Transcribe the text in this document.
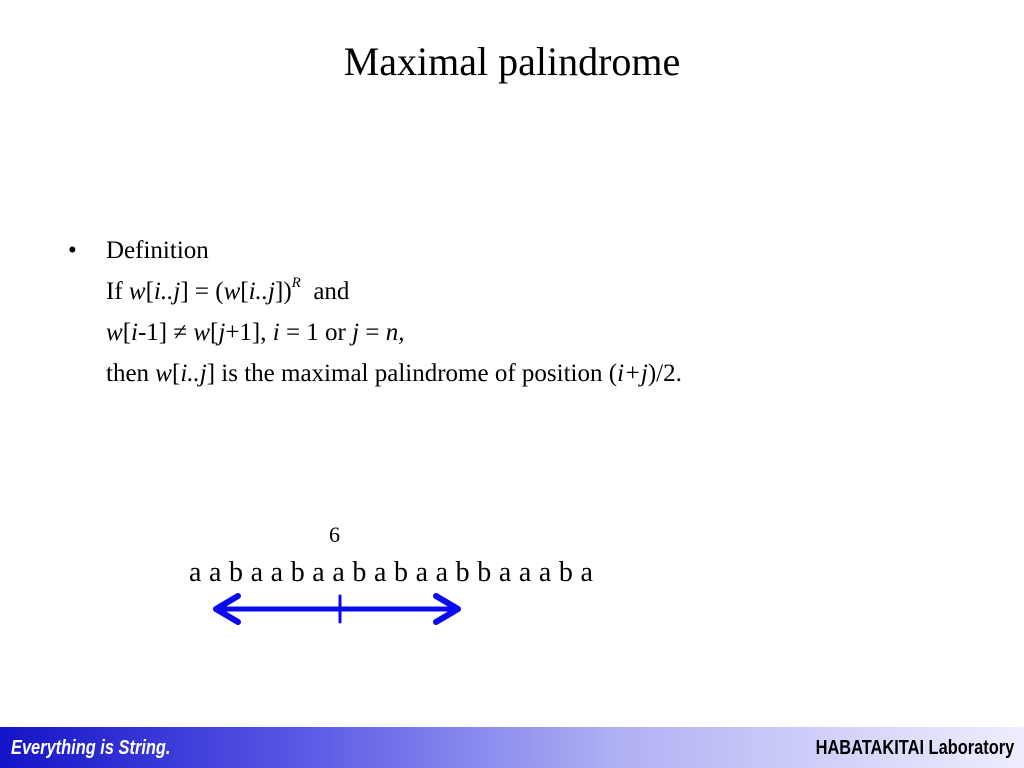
Maximal palindrome
• Definition
If $w[i..j] = (w[i..j])^R$  and
w[i-1] ≠ w[j+1], i = 1 or j = n,
then w[i..j] is the maximal palindrome of position (i+j)/2.
6
a a b a a b a a b a b a a b b a a a b a
Everything is String.	HABATAKITAI Laboratory
